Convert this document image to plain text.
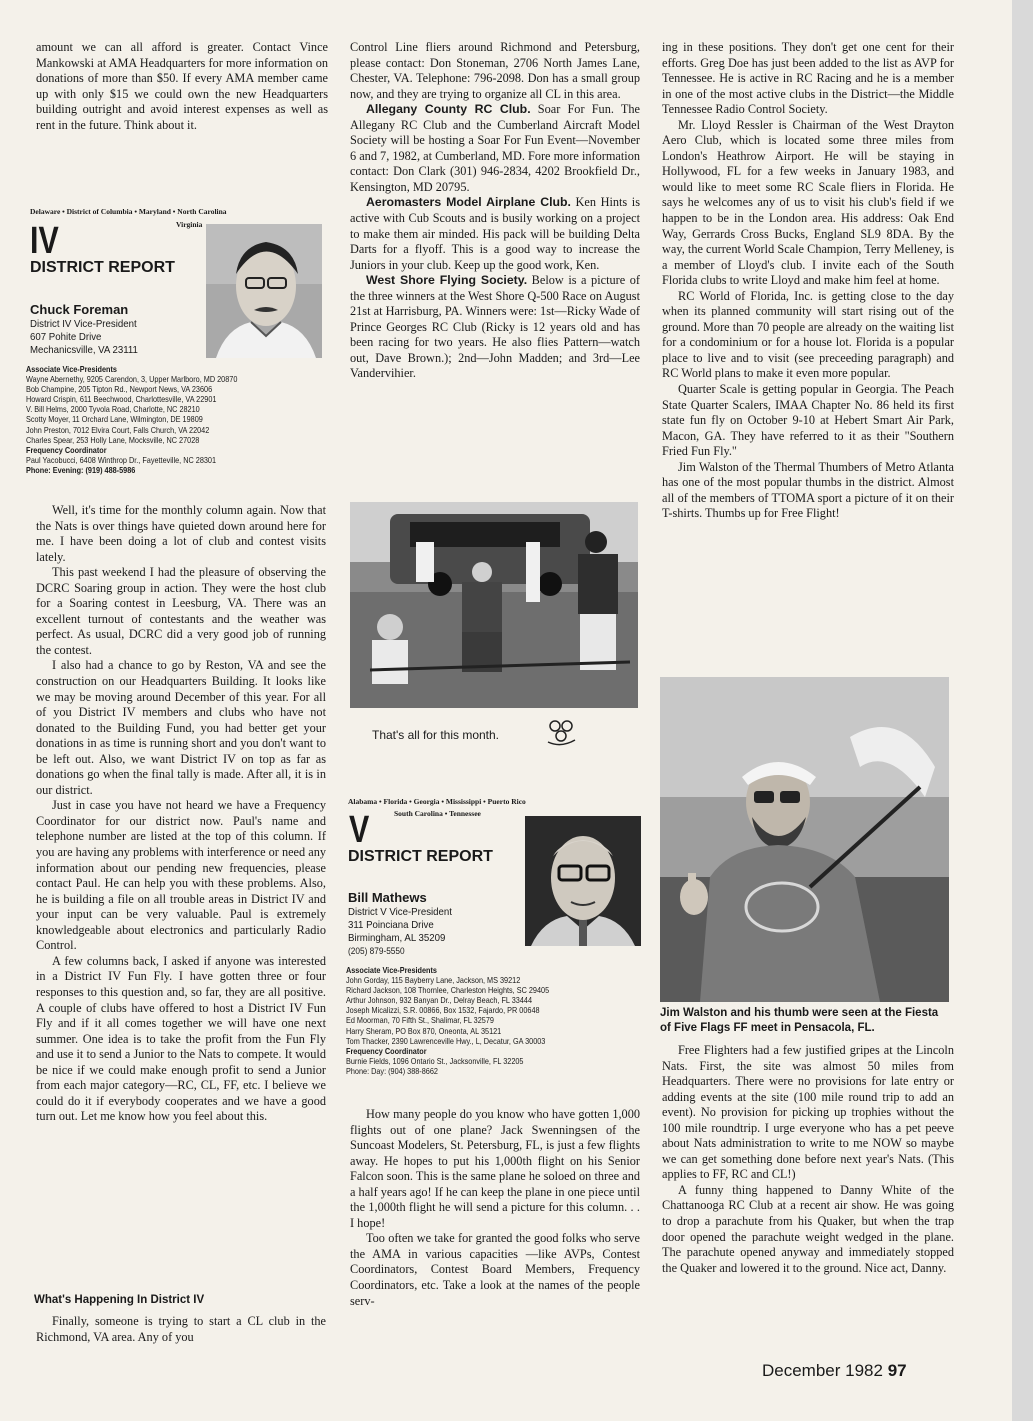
amount we can all afford is greater. Contact Vince Mankowski at AMA Headquarters for more information on donations of more than $50. If every AMA member came up with only $15 we could own the new Headquarters building outright and avoid interest expenses as well as rent in the future. Think about it.

Delaware • District of Columbia • Maryland • North Carolina
Virginia
IV
DISTRICT REPORT
Chuck Foreman
District IV Vice-President
607 Pohite Drive
Mechanicsville, VA 23111
Associate Vice-Presidents
Wayne Abernethy, 9205 Carendon, 3, Upper Marlboro, MD 20870
Bob Champine, 205 Tipton Rd., Newport News, VA 23606
Howard Crispin, 611 Beechwood, Charlottesville, VA 22901
V. Bill Helms, 2000 Tyvola Road, Charlotte, NC 28210
Scotty Moyer, 11 Orchard Lane, Wilmington, DE 19809
John Preston, 7012 Elvira Court, Falls Church, VA 22042
Charles Spear, 253 Holly Lane, Mocksville, NC 27028
Frequency Coordinator
Paul Yacobucci, 6408 Winthrop Dr., Fayetteville, NC 28301
Phone: Evening: (919) 488-5986

Well, it's time for the monthly column again. Now that the Nats is over things have quieted down around here for me. I have been doing a lot of club and contest visits lately.

This past weekend I had the pleasure of observing the DCRC Soaring group in action. They were the host club for a Soaring contest in Leesburg, VA. There was an excellent turnout of contestants and the weather was perfect. As usual, DCRC did a very good job of running the contest.

I also had a chance to go by Reston, VA and see the construction on our Headquarters Building. It looks like we may be moving around December of this year. For all of you District IV members and clubs who have not donated to the Building Fund, you had better get your donations in as time is running short and you don't want to be left out. Also, we want District IV on top as far as donations go when the final tally is made. After all, it is in our district.

Just in case you have not heard we have a Frequency Coordinator for our district now. Paul's name and telephone number are listed at the top of this column. If you are having any problems with interference or need any information about our pending new frequencies, please contact Paul. He can help you with these problems. Also, he is building a file on all trouble areas in District IV and your input can be very valuable. Paul is extremely knowledgeable about electronics and particularly Radio Control.

A few columns back, I asked if anyone was interested in a District IV Fun Fly. I have gotten three or four responses to this question and, so far, they are all positive. A couple of clubs have offered to host a District IV Fun Fly and if it all comes together we will have one next summer. One idea is to take the profit from the Fun Fly and use it to send a Junior to the Nats to compete. It would be nice if we could make enough profit to send a Junior from each major category—RC, CL, FF, etc. I believe we could do it if everybody cooperates and we have a good turn out. Let me know how you feel about this.

What's Happening In District IV

Finally, someone is trying to start a CL club in the Richmond, VA area. Any of you

Control Line fliers around Richmond and Petersburg, please contact: Don Stoneman, 2706 North James Lane, Chester, VA. Telephone: 796-2098. Don has a small group now, and they are trying to organize all CL in this area.

Allegany County RC Club. Soar For Fun. The Allegany RC Club and the Cumberland Aircraft Model Society will be hosting a Soar For Fun Event—November 6 and 7, 1982, at Cumberland, MD. Fore more information contact: Don Clark (301) 946-2834, 4202 Brookfield Dr., Kensington, MD 20795.

Aeromasters Model Airplane Club. Ken Hints is active with Cub Scouts and is busily working on a project to make them air minded. His pack will be building Delta Darts for a flyoff. This is a good way to increase the Juniors in your club. Keep up the good work, Ken.

West Shore Flying Society. Below is a picture of the three winners at the West Shore Q-500 Race on August 21st at Harrisburg, PA. Winners were: 1st—Ricky Wade of Prince Georges RC Club (Ricky is 12 years old and has been racing for two years. He also flies Pattern—watch out, Dave Brown.); 2nd—John Madden; and 3rd—Lee Vandervihier.

That's all for this month.
Alabama • Florida • Georgia • Mississippi • Puerto Rico
South Carolina • Tennessee
V
DISTRICT REPORT
Bill Mathews
District V Vice-President
311 Poinciana Drive
Birmingham, AL 35209
(205) 879-5550
Associate Vice-Presidents
John Gorday, 115 Bayberry Lane, Jackson, MS 39212
Richard Jackson, 108 Thornlee, Charleston Heights, SC 29405
Arthur Johnson, 932 Banyan Dr., Delray Beach, FL 33444
Joseph Micalizzi, S.R. 00866, Box 1532, Fajardo, PR 00648
Ed Moorman, 70 Fifth St., Shalimar, FL 32579
Harry Sheram, PO Box 870, Oneonta, AL 35121
Tom Thacker, 2390 Lawrenceville Hwy., L, Decatur, GA 30003
Frequency Coordinator
Burnie Fields, 1096 Ontario St., Jacksonville, FL 32205
Phone: Day: (904) 388-8662

How many people do you know who have gotten 1,000 flights out of one plane? Jack Swenningsen of the Suncoast Modelers, St. Petersburg, FL, is just a few flights away. He hopes to put his 1,000th flight on his Senior Falcon soon. This is the same plane he soloed on three and a half years ago! If he can keep the plane in one piece until the 1,000th flight he will send a picture for this column. . . I hope!

Too often we take for granted the good folks who serve the AMA in various capacities —like AVPs, Contest Coordinators, Contest Board Members, Frequency Coordinators, etc. Take a look at the names of the people serv-

ing in these positions. They don't get one cent for their efforts. Greg Doe has just been added to the list as AVP for Tennessee. He is active in RC Racing and he is a member in one of the most active clubs in the District—the Middle Tennessee Radio Control Society.

Mr. Lloyd Ressler is Chairman of the West Drayton Aero Club, which is located some three miles from London's Heathrow Airport. He will be staying in Hollywood, FL for a few weeks in January 1983, and would like to meet some RC Scale fliers in Florida. He says he welcomes any of us to visit his club's field if we happen to be in the London area. His address: Oak End Way, Gerrards Cross Bucks, England SL9 8DA. By the way, the current World Scale Champion, Terry Melleney, is a member of Lloyd's club. I invite each of the South Florida clubs to write Lloyd and make him feel at home.

RC World of Florida, Inc. is getting close to the day when its planned community will start rising out of the ground. More than 70 people are already on the waiting list for a condominium or for a house lot. Florida is a popular place to live and to visit (see preceeding paragraph) and RC World plans to make it even more popular.

Quarter Scale is getting popular in Georgia. The Peach State Quarter Scalers, IMAA Chapter No. 86 held its first state fun fly on October 9-10 at Hebert Smart Air Park, Macon, GA. They have referred to it as their "Southern Fried Fun Fly."

Jim Walston of the Thermal Thumbers of Metro Atlanta has one of the most popular thumbs in the district. Almost all of the members of TTOMA sport a picture of it on their T-shirts. Thumbs up for Free Flight!

Jim Walston and his thumb were seen at the Fiesta of Five Flags FF meet in Pensacola, FL.

Free Flighters had a few justified gripes at the Lincoln Nats. First, the site was almost 50 miles from Headquarters. There were no provisions for late entry or adding events at the site (100 mile round trip to add an event). No provision for picking up trophies without the 100 mile roundtrip. I urge everyone who has a pet peeve about Nats administration to write to me NOW so maybe we can get something done before next year's Nats. (This applies to FF, RC and CL!)

A funny thing happened to Danny White of the Chattanooga RC Club at a recent air show. He was going to drop a parachute from his Quaker, but when the trap door opened the parachute weight wedged in the plane. The parachute opened anyway and immediately stopped the Quaker and lowered it to the ground. Nice act, Danny.

December 1982 97
